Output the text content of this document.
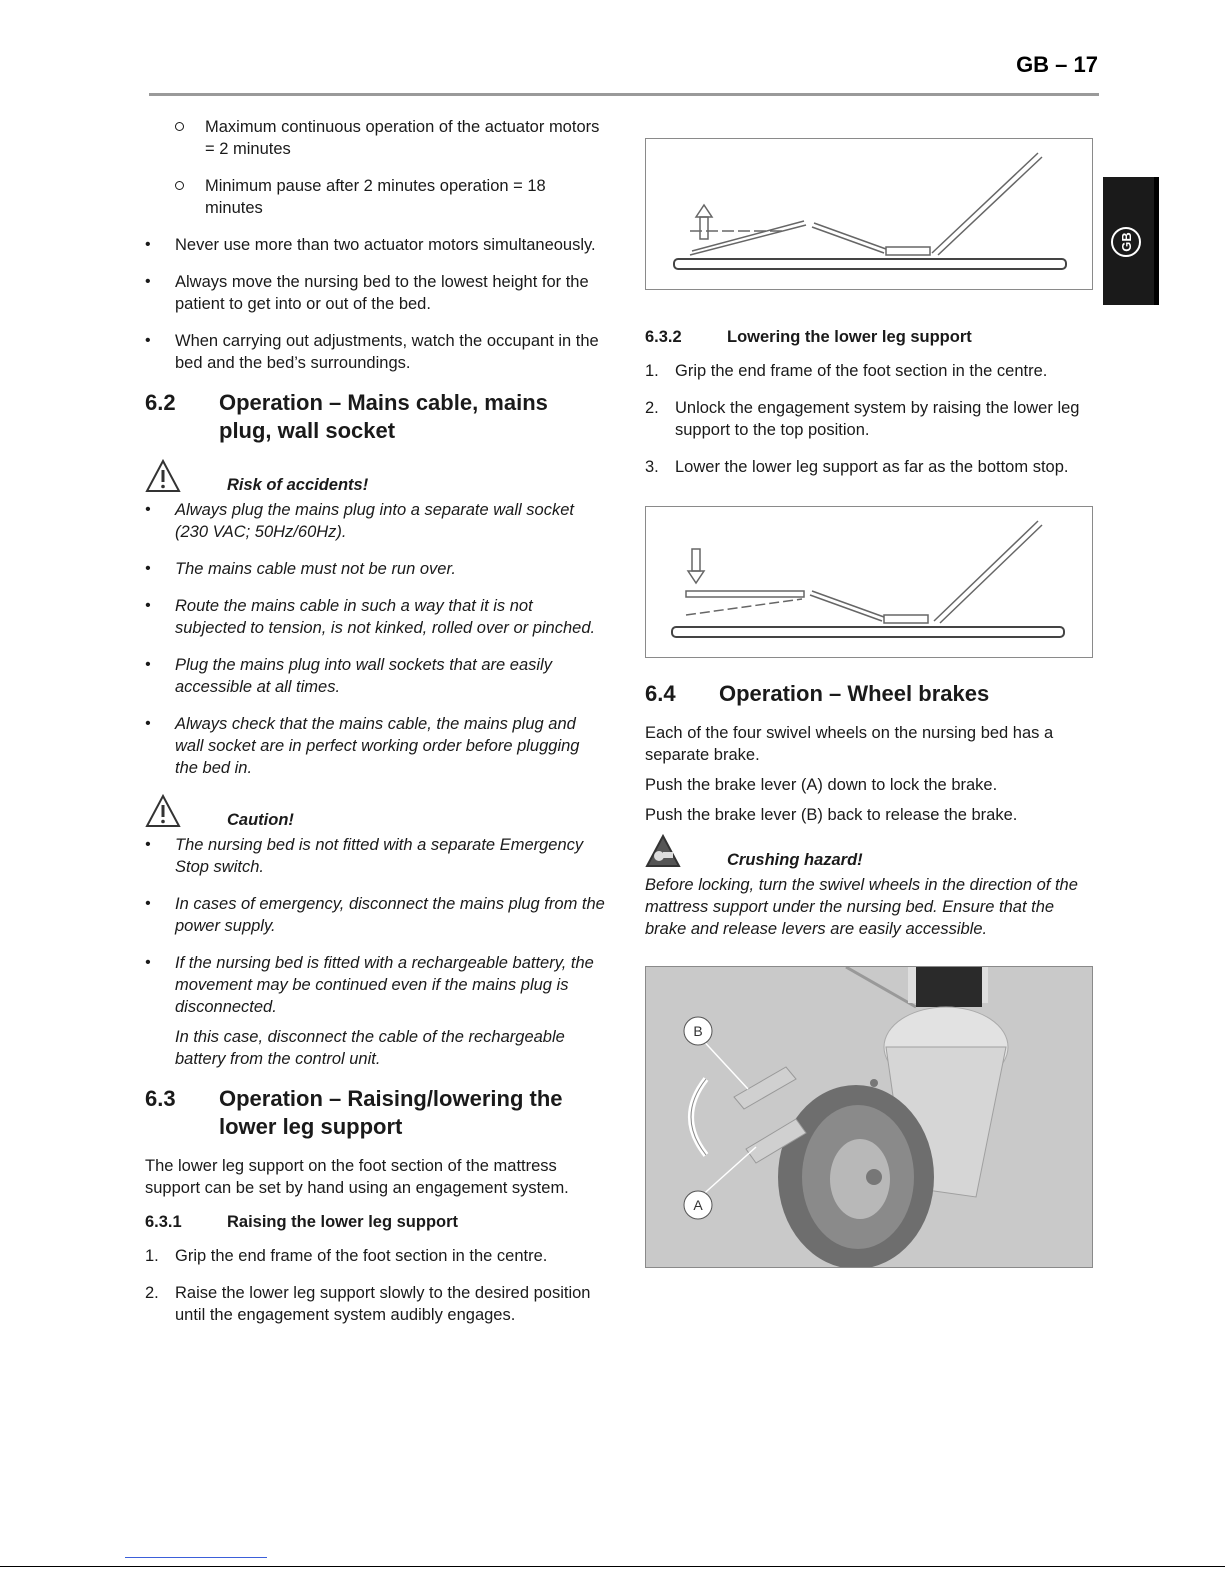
GB – 17
GB
Maximum continuous operation of the actuator motors = 2 minutes
Minimum pause after 2 minutes operation = 18 minutes
• Never use more than two actuator motors simultaneously.
• Always move the nursing bed to the lowest height for the patient to get into or out of the bed.
• When carrying out adjustments, watch the occupant in the bed and the bed’s surroundings.
6.2 Operation – Mains cable, mains plug, wall socket
Risk of accidents!
• Always plug the mains plug into a separate wall socket (230 VAC; 50Hz/60Hz).
• The mains cable must not be run over.
• Route the mains cable in such a way that it is not subjected to tension, is not kinked, rolled over or pinched.
• Plug the mains plug into wall sockets that are easily accessible at all times.
• Always check that the mains cable, the mains plug and wall socket are in perfect working order before plugging the bed in.
Caution!
• The nursing bed is not fitted with a separate Emergency Stop switch.
• In cases of emergency, disconnect the mains plug from the power supply.
• If the nursing bed is fitted with a rechargeable battery, the movement may be continued even if the mains plug is disconnected.
In this case, disconnect the cable of the rechargeable battery from the control unit.
6.3 Operation – Raising/lowering the lower leg support

The lower leg support on the foot section of the mattress support can be set by hand using an engagement system.

6.3.1	Raising the lower leg support
1. Grip the end frame of the foot section in the centre.
2. Raise the lower leg support slowly to the desired position until the engagement system audibly engages.
6.3.2	Lowering the lower leg support
1. Grip the end frame of the foot section in the centre.
2. Unlock the engagement system by raising the lower leg support to the top position.
3. Lower the lower leg support as far as the bottom stop.
6.4 Operation – Wheel brakes

Each of the four swivel wheels on the nursing bed has a separate brake.

Push the brake lever (A) down to lock the brake.

Push the brake lever (B) back to release the brake.

Crushing hazard!

Before locking, turn the swivel wheels in the direction of the mattress support under the nursing bed. Ensure that the brake and release levers are easily accessible.

B
A
